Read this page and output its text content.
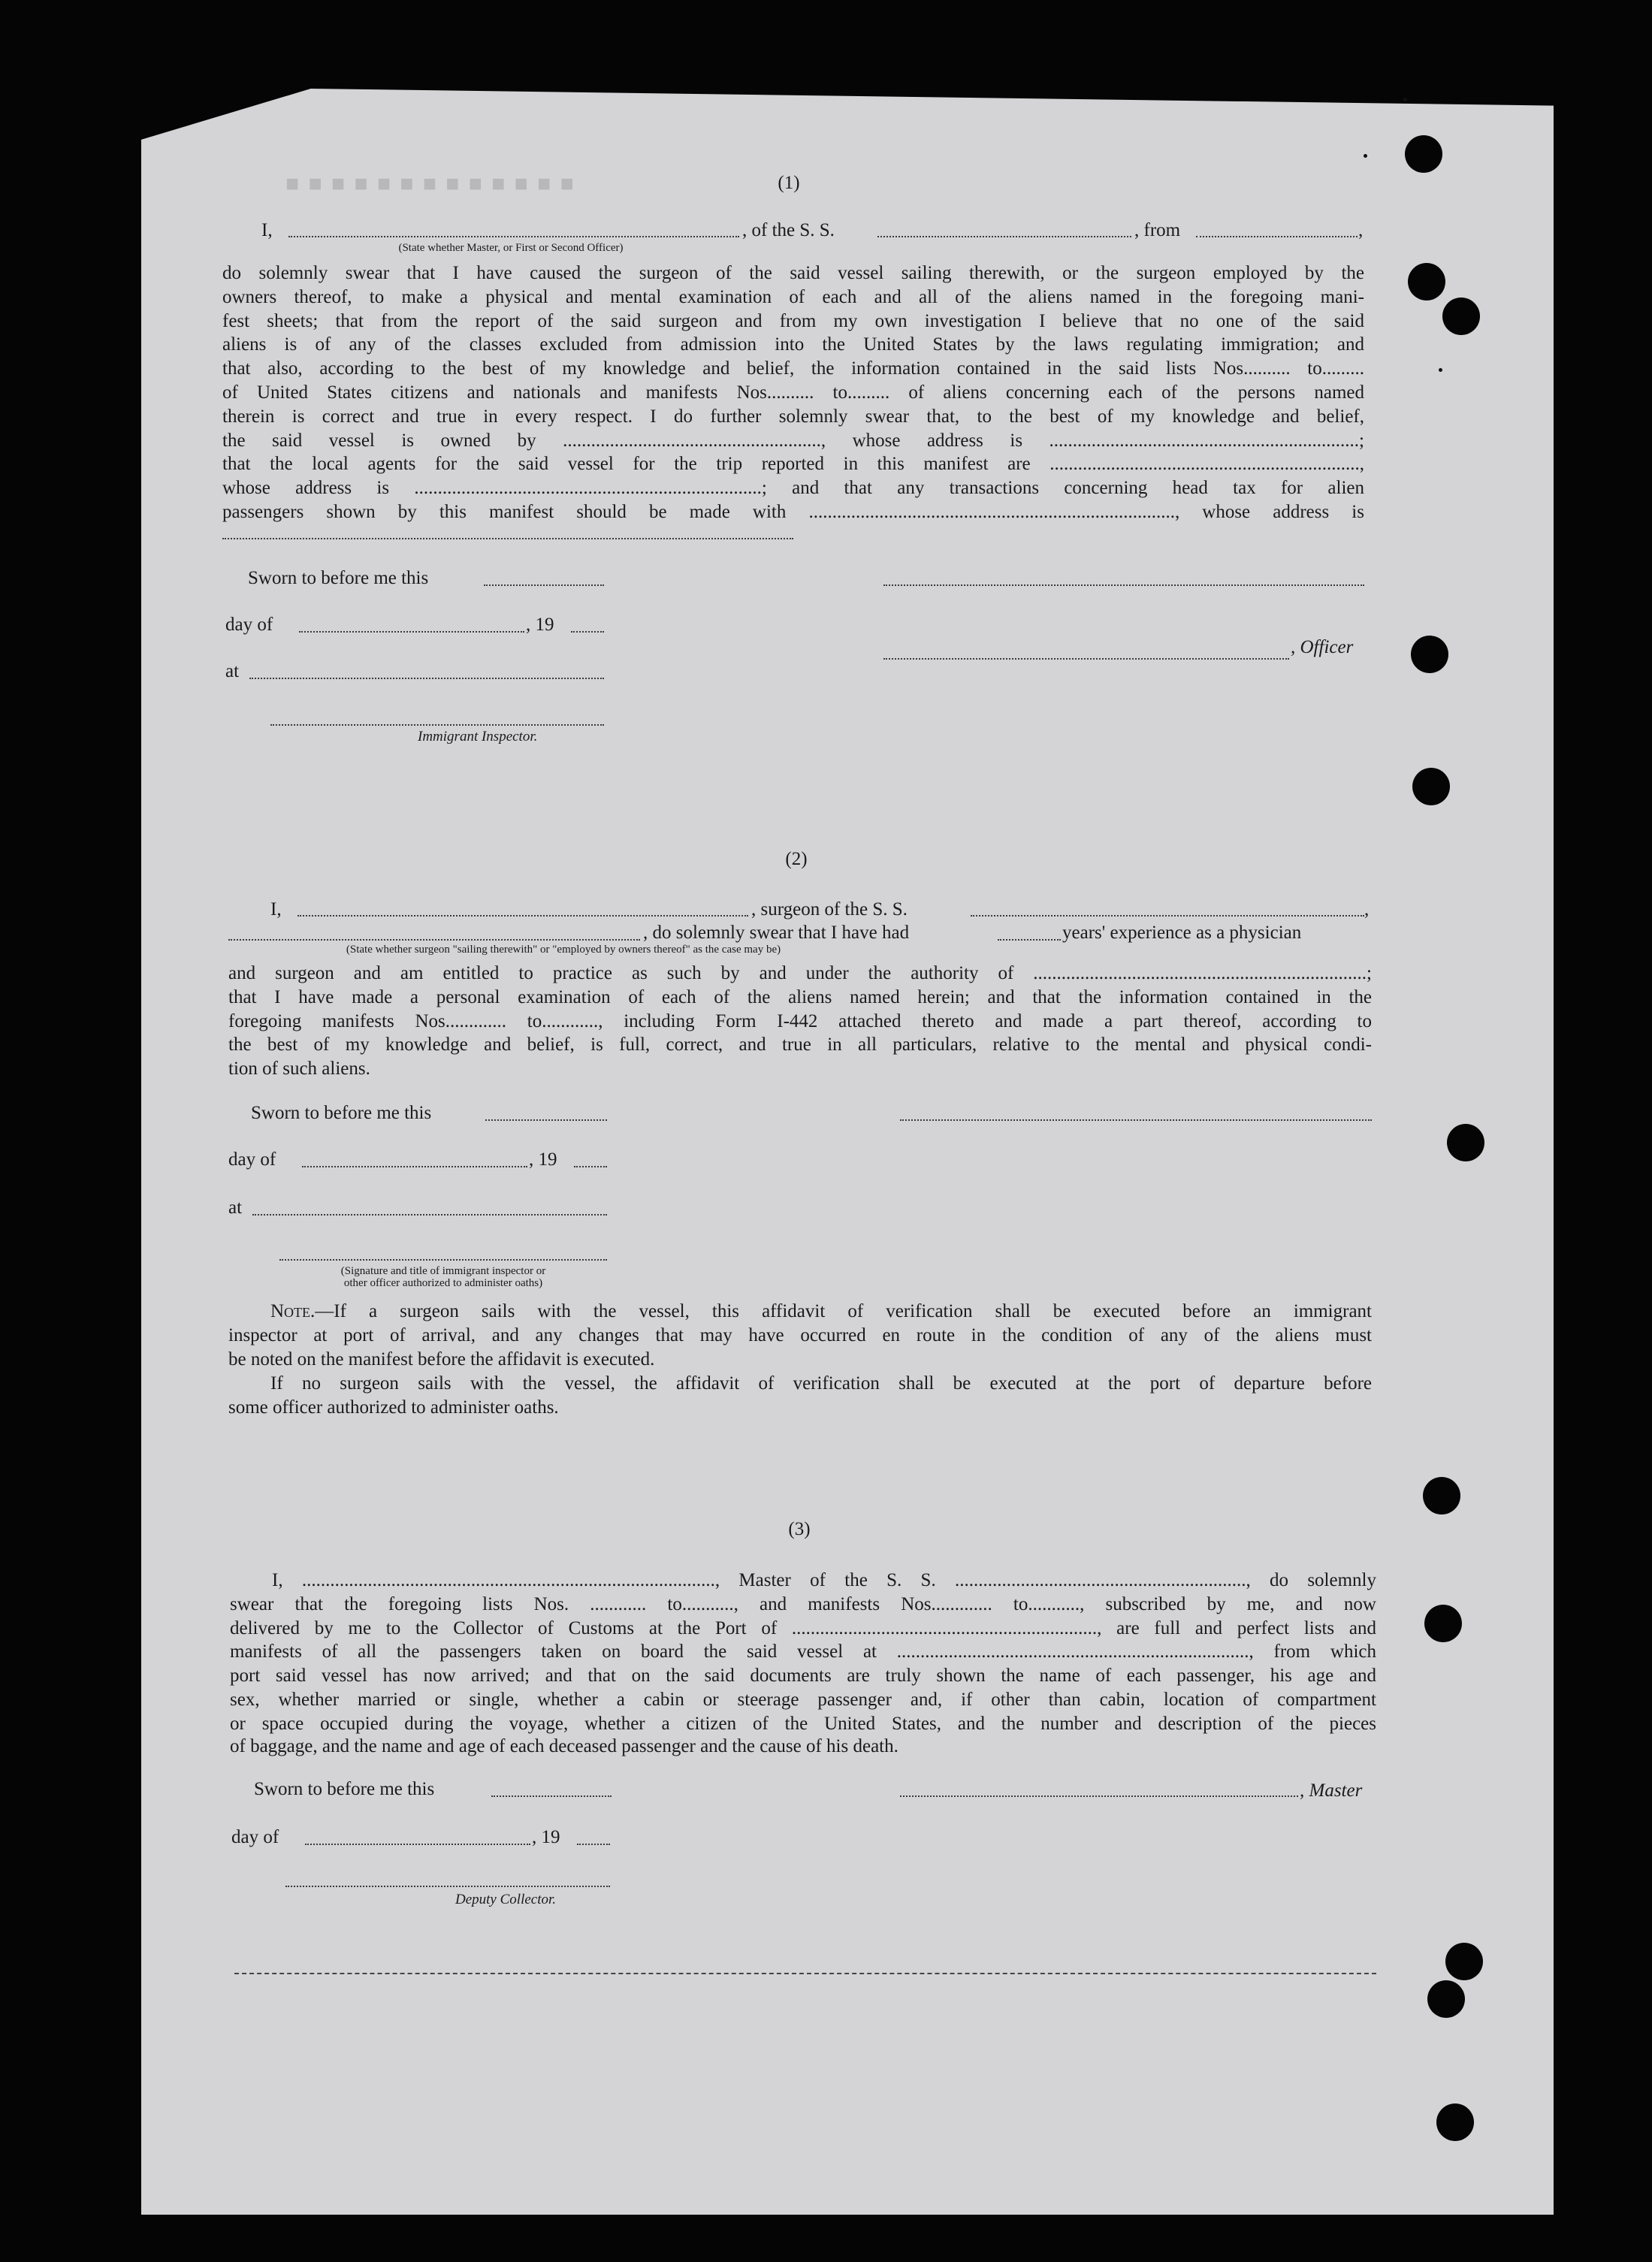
■ ■ ■ ■ ■ ■ ■ ■ ■ ■ ■ ■ ■	(1)
I,	, of the S. S.	, from	,
(State whether Master, or First or Second Officer)
do solemnly swear that I have caused the surgeon of the said vessel sailing therewith, or the surgeon employed by the
owners thereof, to make a physical and mental examination of each and all of the aliens named in the foregoing mani-
fest sheets; that from the report of the said surgeon and from my own investigation I believe that no one of the said
aliens is of any of the classes excluded from admission into the United States by the laws regulating immigration; and
that also, according to the best of my knowledge and belief, the information contained in the said lists Nos.......... to.........
of United States citizens and nationals and manifests Nos.......... to......... of aliens concerning each of the persons named
therein is correct and true in every respect. I do further solemnly swear that, to the best of my knowledge and belief,
the said vessel is owned by ......................................................., whose address is ..................................................................;
that the local agents for the said vessel for the trip reported in this manifest are ..................................................................,
whose address is ..........................................................................; and that any transactions concerning head tax for alien
passengers shown by this manifest should be made with .............................................................................., whose address is
Sworn to before me this
day of	, 19
, Officer
at
Immigrant Inspector.
(2)
I,	, surgeon of the S. S.	,
, do solemnly swear that I have had	years' experience as a physician
(State whether surgeon "sailing therewith" or "employed by owners thereof" as the case may be)
and surgeon and am entitled to practice as such by and under the authority of .......................................................................;
that I have made a personal examination of each of the aliens named herein; and that the information contained in the
foregoing manifests Nos............. to............, including Form I-442 attached thereto and made a part thereof, according to
the best of my knowledge and belief, is full, correct, and true in all particulars, relative to the mental and physical condi-
tion of such aliens.
Sworn to before me this
day of	, 19
at
(Signature and title of immigrant inspector or
other officer authorized to administer oaths)
Note.—If a surgeon sails with the vessel, this affidavit of verification shall be executed before an immigrant
inspector at port of arrival, and any changes that may have occurred en route in the condition of any of the aliens must
be noted on the manifest before the affidavit is executed.
If no surgeon sails with the vessel, the affidavit of verification shall be executed at the port of departure before
some officer authorized to administer oaths.
(3)
I, ........................................................................................, Master of the S. S. .............................................................., do solemnly
swear that the foregoing lists Nos. ............ to..........., and manifests Nos............. to..........., subscribed by me, and now
delivered by me to the Collector of Customs at the Port of ................................................................., are full and perfect lists and
manifests of all the passengers taken on board the said vessel at ..........................................................................., from which
port said vessel has now arrived; and that on the said documents are truly shown the name of each passenger, his age and
sex, whether married or single, whether a cabin or steerage passenger and, if other than cabin, location of compartment
or space occupied during the voyage, whether a citizen of the United States, and the number and description of the pieces
of baggage, and the name and age of each deceased passenger and the cause of his death.
Sworn to before me this	, Master
day of	, 19
Deputy Collector.
